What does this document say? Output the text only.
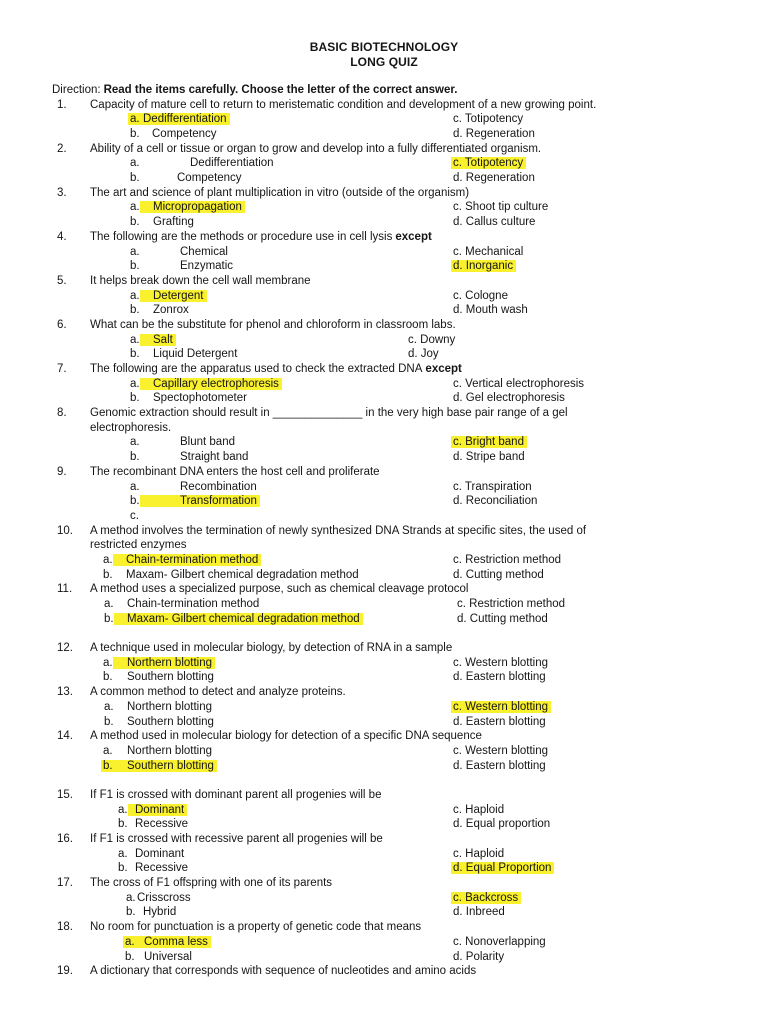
BASIC BIOTECHNOLOGY
LONG QUIZ
Direction: Read the items carefully. Choose the letter of the correct answer.
1. Capacity of mature cell to return to meristematic condition and development of a new growing point.
a. Dedifferentiation	c. Totipotency
b. Competency	d. Regeneration
2. Ability of a cell or tissue or organ to grow and develop into a fully differentiated organism.
a.	Dedifferentiation	c. Totipotency
b.	Competency	d. Regeneration
3. The art and science of plant multiplication in vitro (outside of the organism)
a.	Micropropagation	c. Shoot tip culture
b. Grafting	d. Callus culture
4. The following are the methods or procedure use in cell lysis except
a.	Chemical	c. Mechanical
b.	Enzymatic	d. Inorganic
5. It helps break down the cell wall membrane
a.	Detergent	c. Cologne
b. Zonrox	d. Mouth wash
6. What can be the substitute for phenol and chloroform in classroom labs.
a.	Salt	c. Downy
b. Liquid Detergent	d. Joy
7. The following are the apparatus used to check the extracted DNA except
a.	Capillary electrophoresis	c. Vertical electrophoresis
b. Spectophotometer	d. Gel electrophoresis
8. Genomic extraction should result in ______________ in the very high base pair range of a gel
electrophoresis.
a.	Blunt band	c. Bright band
b.	Straight band	d. Stripe band
9. The recombinant DNA enters the host cell and proliferate
a.	Recombination	c. Transpiration
b.	Transformation	d. Reconciliation
c.
10. A method involves the termination of newly synthesized DNA Strands at specific sites, the used of
restricted enzymes
a.	Chain-termination method	c. Restriction method
b. Maxam- Gilbert chemical degradation method	d. Cutting method
11. A method uses a specialized purpose, such as chemical cleavage protocol
a. Chain-termination method	c. Restriction method
b.	Maxam- Gilbert chemical degradation method	d. Cutting method
12. A technique used in molecular biology, by detection of RNA in a sample
a.	Northern blotting	c. Western blotting
b. Southern blotting	d. Eastern blotting
13. A common method to detect and analyze proteins.
a. Northern blotting	c. Western blotting
b. Southern blotting	d. Eastern blotting
14. A method used in molecular biology for detection of a specific DNA sequence
a. Northern blotting	c. Western blotting
b. Southern blotting	d. Eastern blotting
15. If F1 is crossed with dominant parent all progenies will be
a. Dominant	c. Haploid
b. Recessive	d. Equal proportion
16. If F1 is crossed with recessive parent all progenies will be
a. Dominant	c. Haploid
b. Recessive	d. Equal Proportion
17. The cross of F1 offspring with one of its parents
a. Crisscross	c. Backcross
b. Hybrid	d. Inbreed
18. No room for punctuation is a property of genetic code that means
a. Comma less	c. Nonoverlapping
b. Universal	d. Polarity
19. A dictionary that corresponds with sequence of nucleotides and amino acids
